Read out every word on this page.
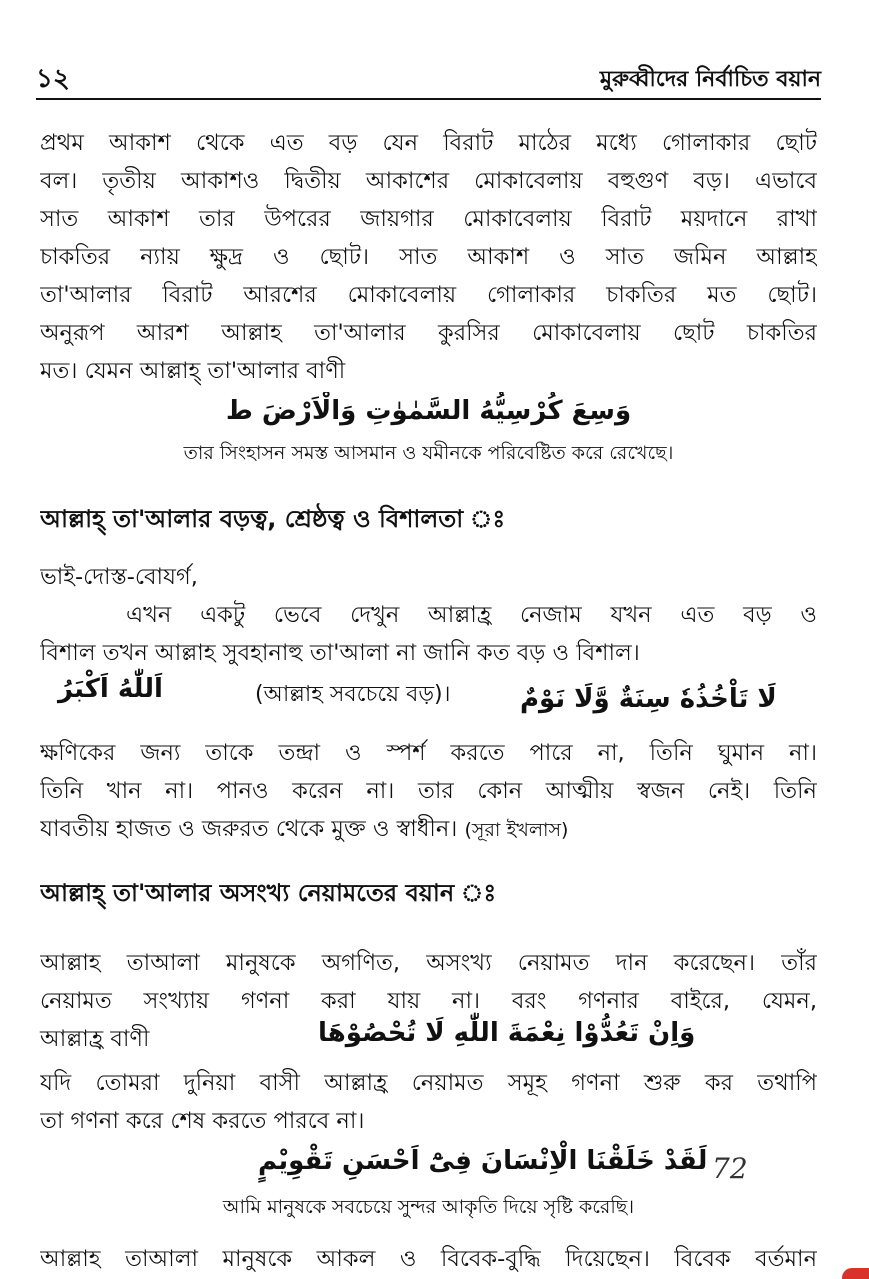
১২	মুরুব্বীদের নির্বাচিত বয়ান
প্রথম আকাশ থেকে এত বড় যেন বিরাট মাঠের মধ্যে গোলাকার ছোট
বল। তৃতীয় আকাশও দ্বিতীয় আকাশের মোকাবেলায় বহুগুণ বড়। এভাবে
সাত আকাশ তার উপরের জায়গার মোকাবেলায় বিরাট ময়দানে রাখা
চাকতির ন্যায় ক্ষুদ্র ও ছোট। সাত আকাশ ও সাত জমিন আল্লাহ
তা'আলার বিরাট আরশের মোকাবেলায় গোলাকার চাকতির মত ছোট।
অনুরূপ আরশ আল্লাহ তা'আলার কুরসির মোকাবেলায় ছোট চাকতির
মত। যেমন আল্লাহ্ তা'আলার বাণী
وَسِعَ كُرْسِيُّهُ السَّمٰوٰتِ وَالْاَرْضَ ط
তার সিংহাসন সমস্ত আসমান ও যমীনকে পরিবেষ্টিত করে রেখেছে।
আল্লাহ্ তা'আলার বড়ত্ব, শ্রেষ্ঠত্ব ও বিশালতা ঃ
ভাই-দোস্ত-বোযর্গ,
এখন একটু ভেবে দেখুন আল্লাহ্র নেজাম যখন এত বড় ও
বিশাল তখন আল্লাহ সুবহানাহু তা'আলা না জানি কত বড় ও বিশাল।
اَللّٰهُ اَكْبَرُ	(আল্লাহ সবচেয়ে বড়)।	لَا تَاْخُذُهٗ سِنَةٌ وَّلَا نَوْمٌ
ক্ষণিকের জন্য তাকে তন্দ্রা ও স্পর্শ করতে পারে না, তিনি ঘুমান না।
তিনি খান না। পানও করেন না। তার কোন আত্মীয় স্বজন নেই। তিনি
যাবতীয় হাজত ও জরুরত থেকে মুক্ত ও স্বাধীন। (সূরা ইখলাস)
আল্লাহ্ তা'আলার অসংখ্য নেয়ামতের বয়ান ঃ
আল্লাহ তাআলা মানুষকে অগণিত, অসংখ্য নেয়ামত দান করেছেন। তাঁর
নেয়ামত সংখ্যায় গণনা করা যায় না। বরং গণনার বাইরে, যেমন,
আল্লাহ্র বাণী	وَاِنْ تَعُدُّوْا نِعْمَةَ اللّٰهِ لَا تُحْصُوْهَا
যদি তোমরা দুনিয়া বাসী আল্লাহ্র নেয়ামত সমূহ গণনা শুরু কর তথাপি
তা গণনা করে শেষ করতে পারবে না।
لَقَدْ خَلَقْنَا الْاِنْسَانَ فِىْٓ اَحْسَنِ تَقْوِيْمٍ 72
আমি মানুষকে সবচেয়ে সুন্দর আকৃতি দিয়ে সৃষ্টি করেছি।
আল্লাহ তাআলা মানুষকে আকল ও বিবেক-বুদ্ধি দিয়েছেন। বিবেক বর্তমান
